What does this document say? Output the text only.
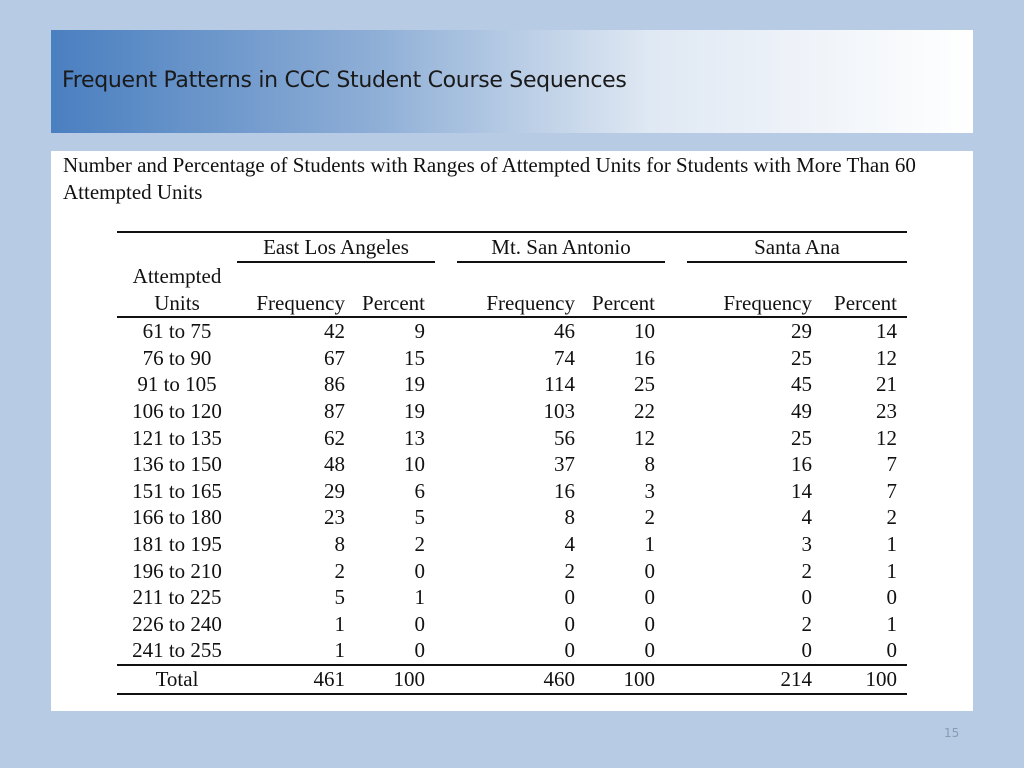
Frequent Patterns in CCC Student Course Sequences
Number and Percentage of Students with Ranges of Attempted Units for Students with More Than 60 Attempted Units
	East Los Angeles			Mt. San Antonio			Santa Ana	
Attempted								
Units	Frequency	Percent		Frequency	Percent		Frequency	Percent
61 to 75	42	9		46	10		29	14
76 to 90	67	15		74	16		25	12
91 to 105	86	19		114	25		45	21
106 to 120	87	19		103	22		49	23
121 to 135	62	13		56	12		25	12
136 to 150	48	10		37	8		16	7
151 to 165	29	6		16	3		14	7
166 to 180	23	5		8	2		4	2
181 to 195	8	2		4	1		3	1
196 to 210	2	0		2	0		2	1
211 to 225	5	1		0	0		0	0
226 to 240	1	0		0	0		2	1
241 to 255	1	0		0	0		0	0
Total	461	100		460	100		214	100
15
